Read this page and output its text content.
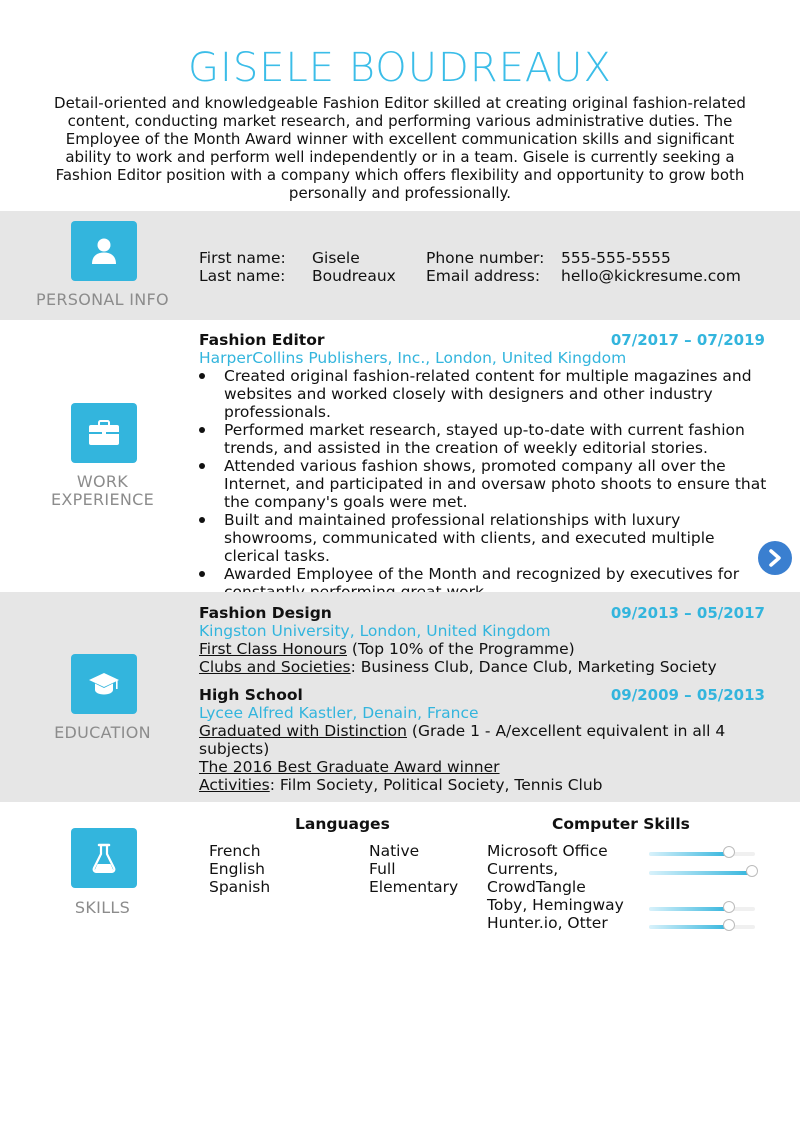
GISELE BOUDREAUX
Detail-oriented and knowledgeable Fashion Editor skilled at creating original fashion-related content, conducting market research, and performing various administrative duties. The Employee of the Month Award winner with excellent communication skills and significant ability to work and perform well independently or in a team. Gisele is currently seeking a Fashion Editor position with a company which offers flexibility and opportunity to grow both personally and professionally.
PERSONAL INFO
First name: Gisele
Last name: Boudreaux
Phone number: 555-555-5555
Email address: hello@kickresume.com
WORK
EXPERIENCE
Fashion Editor	07/2017 – 07/2019
HarperCollins Publishers, Inc., London, United Kingdom
Created original fashion-related content for multiple magazines and websites and worked closely with designers and other industry professionals.
Performed market research, stayed up-to-date with current fashion trends, and assisted in the creation of weekly editorial stories.
Attended various fashion shows, promoted company all over the Internet, and participated in and oversaw photo shoots to ensure that the company's goals were met.
Built and maintained professional relationships with luxury showrooms, communicated with clients, and executed multiple clerical tasks.
Awarded Employee of the Month and recognized by executives for
EDUCATION
Fashion Design	09/2013 – 05/2017
Kingston University, London, United Kingdom
First Class Honours (Top 10% of the Programme)
Clubs and Societies: Business Club, Dance Club, Marketing Society
High School	09/2009 – 05/2013
Lycee Alfred Kastler, Denain, France
Graduated with Distinction (Grade 1 - A/excellent equivalent in all 4
subjects)
The 2016 Best Graduate Award winner
Activities: Film Society, Political Society, Tennis Club
SKILLS
Languages
French	Native
English	Full
Spanish	Elementary
Computer Skills
Microsoft Office
Currents,
CrowdTangle
Toby, Hemingway
Hunter.io, Otter
